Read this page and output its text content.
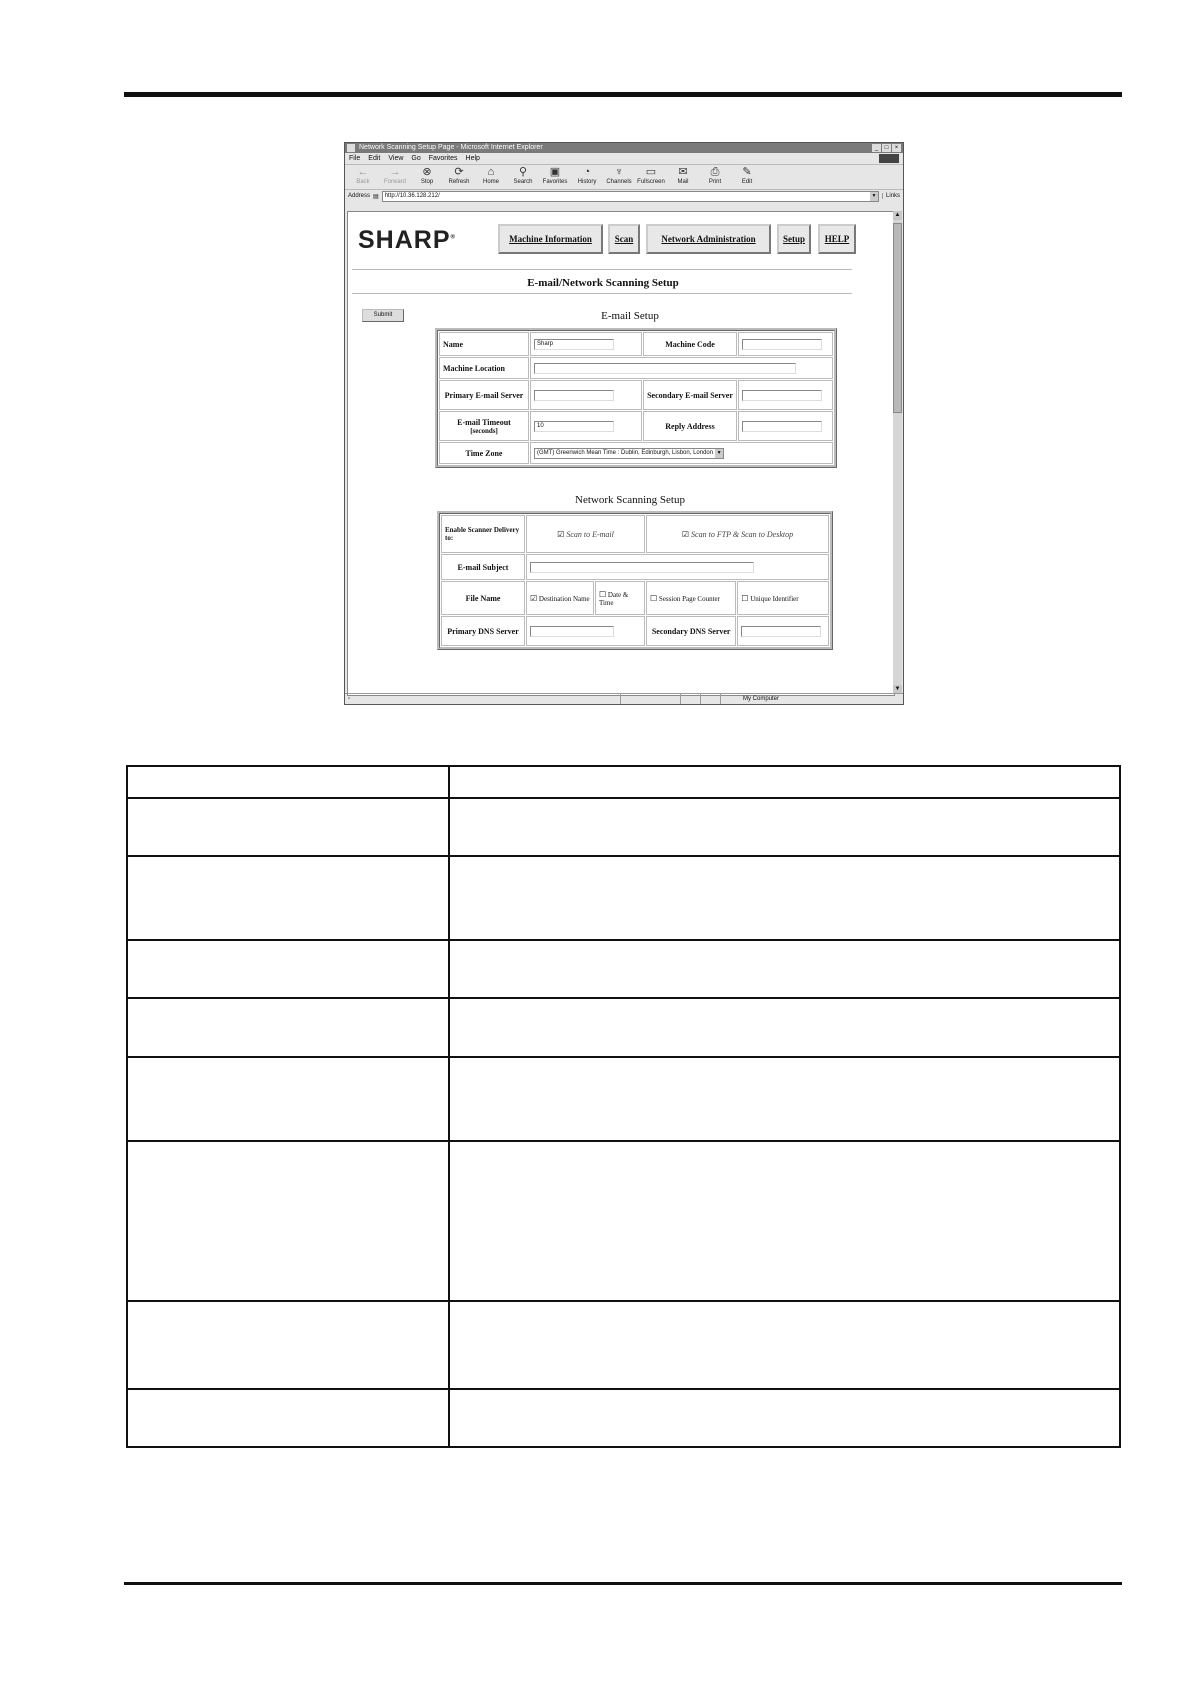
Network Scanning Setup Page - Microsoft Internet Explorer	_	□	×
File Edit View Go Favorites Help
←
Back
→
Forward
⊗
Stop
⟳
Refresh
⌂
Home
⚲
Search
▣
Favorites
◔
History
♆
Channels
▭
Fullscreen
✉
Mail
⎙
Print
✎
Edit
Address ▤	http://10.36.128.212/	▼	Links
SHARP®	Machine Information	Scan	Network Administration	Setup	HELP
E-mail/Network Scanning Setup
Submit	E-mail Setup
Name	Sharp	Machine Code	
Machine Location			
Primary E-mail Server		Secondary E-mail Server	

E-mail Timeout
[seconds]	10	Reply Address	
Time Zone	(GMT) Greenwich Mean Time : Dublin, Edinburgh, Lisbon, London ▼		
Network Scanning Setup
Enable Scanner Delivery to:	☑ Scan to E-mail		☑ Scan to FTP & Scan to Desktop	
E-mail Subject				
File Name	☑ Destination Name	☐ Date & Time	☐ Session Page Counter	☐ Unique Identifier
Primary DNS Server			Secondary DNS Server	
▲
▼
▫	My Computer
